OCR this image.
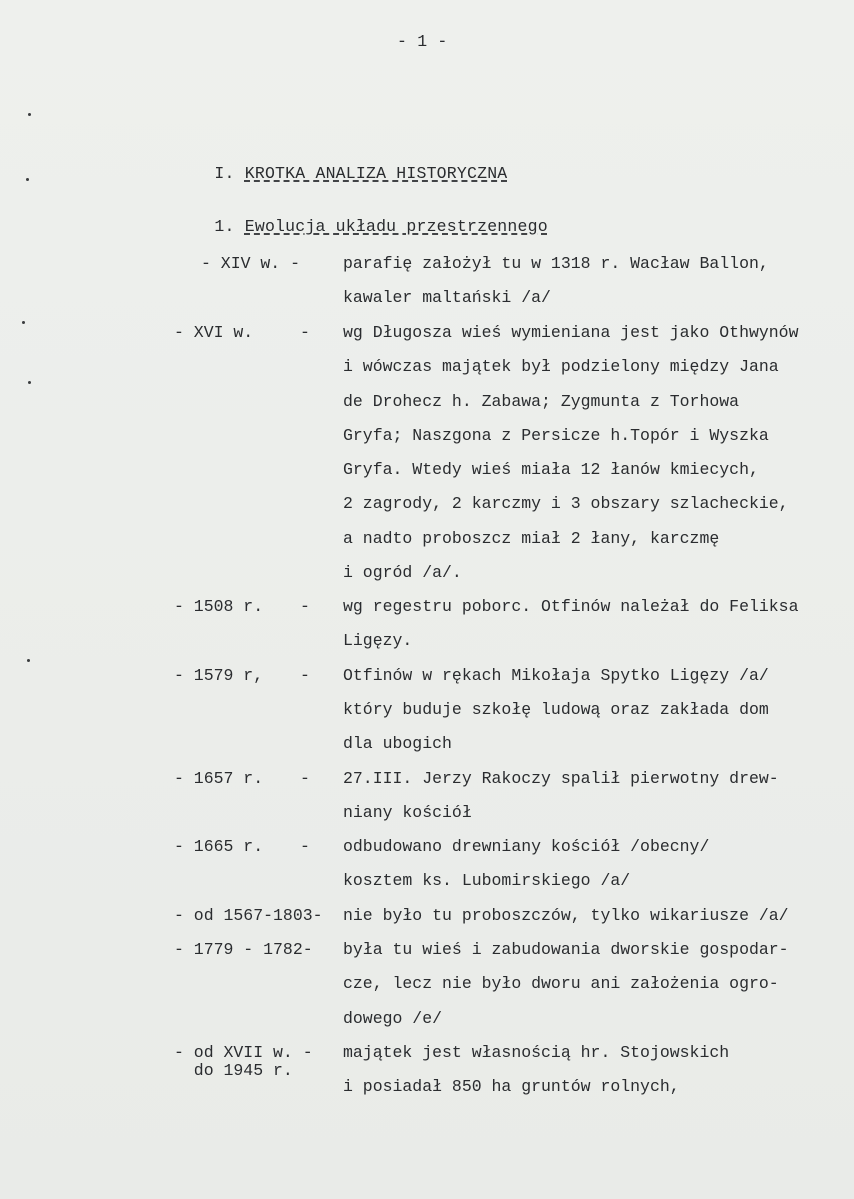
- 1 -

I. KROTKA ANALIZA HISTORYCZNA

1. Ewolucja układu przestrzennego

- XIV w. -	parafię założył tu w 1318 r. Wacław Ballon,
kawaler maltański /a/
- XVI w.	- wg Długosza wieś wymieniana jest jako Othwynów
i wówczas majątek był podzielony między Jana
de Drohecz h. Zabawa; Zygmunta z Torhowa
Gryfa; Naszgona z Persicze h.Topór i Wyszka
Gryfa. Wtedy wieś miała 12 łanów kmiecych,
2 zagrody, 2 karczmy i 3 obszary szlacheckie,
a nadto proboszcz miał 2 łany, karczmę
i ogród /a/.
- 1508 r. - wg regestru poborc. Otfinów należał do Feliksa
Ligęzy.
- 1579 r, - Otfinów w rękach Mikołaja Spytko Ligęzy /a/
który buduje szkołę ludową oraz zakłada dom
dla ubogich
- 1657 r. - 27.III. Jerzy Rakoczy spalił pierwotny drew-
niany kościół
- 1665 r. - odbudowano drewniany kościół /obecny/
kosztem ks. Lubomirskiego /a/
- od 1567-1803- nie było tu proboszczów, tylko wikariusze /a/
- 1779 - 1782- była tu wieś i zabudowania dworskie gospodar-
cze, lecz nie było dworu ani założenia ogro-
dowego /e/
- od XVII w. -
do 1945 r.
majątek jest własnością hr. Stojowskich
i posiadał 850 ha gruntów rolnych,
